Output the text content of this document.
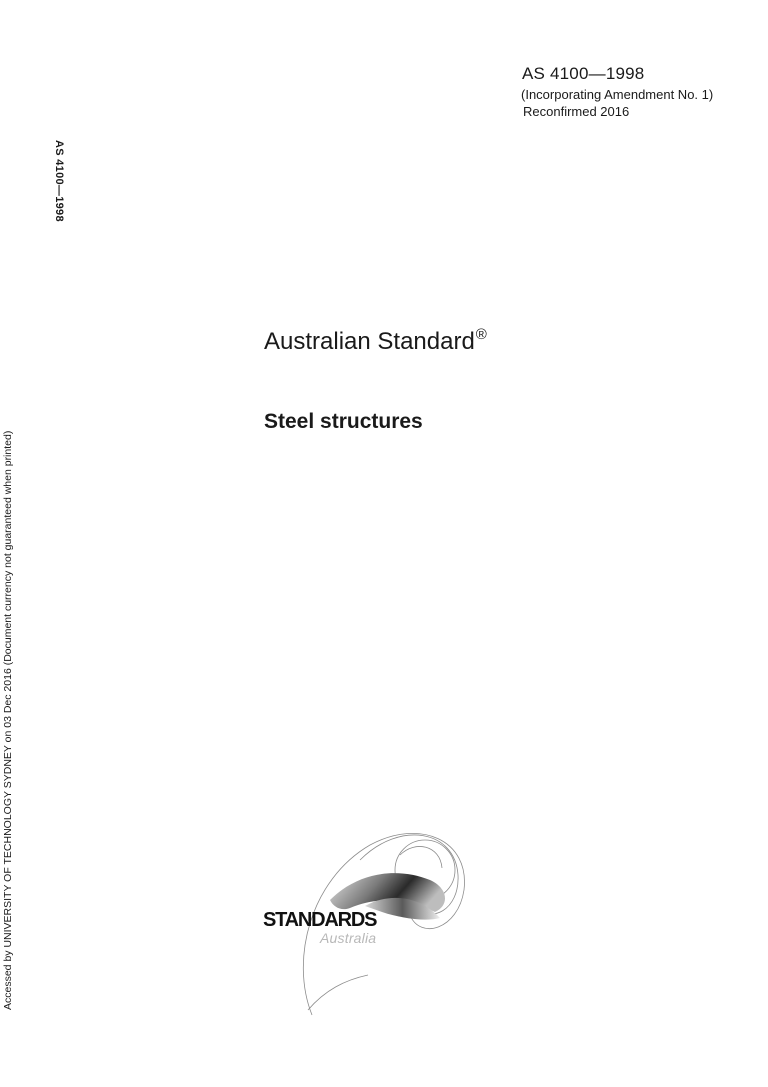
AS 4100—1998
(Incorporating Amendment No. 1)
Reconfirmed 2016
AS 4100—1998
Accessed by UNIVERSITY OF TECHNOLOGY SYDNEY on 03 Dec 2016 (Document currency not guaranteed when printed)
Australian Standard®
Steel structures
STANDARDS
Australia
